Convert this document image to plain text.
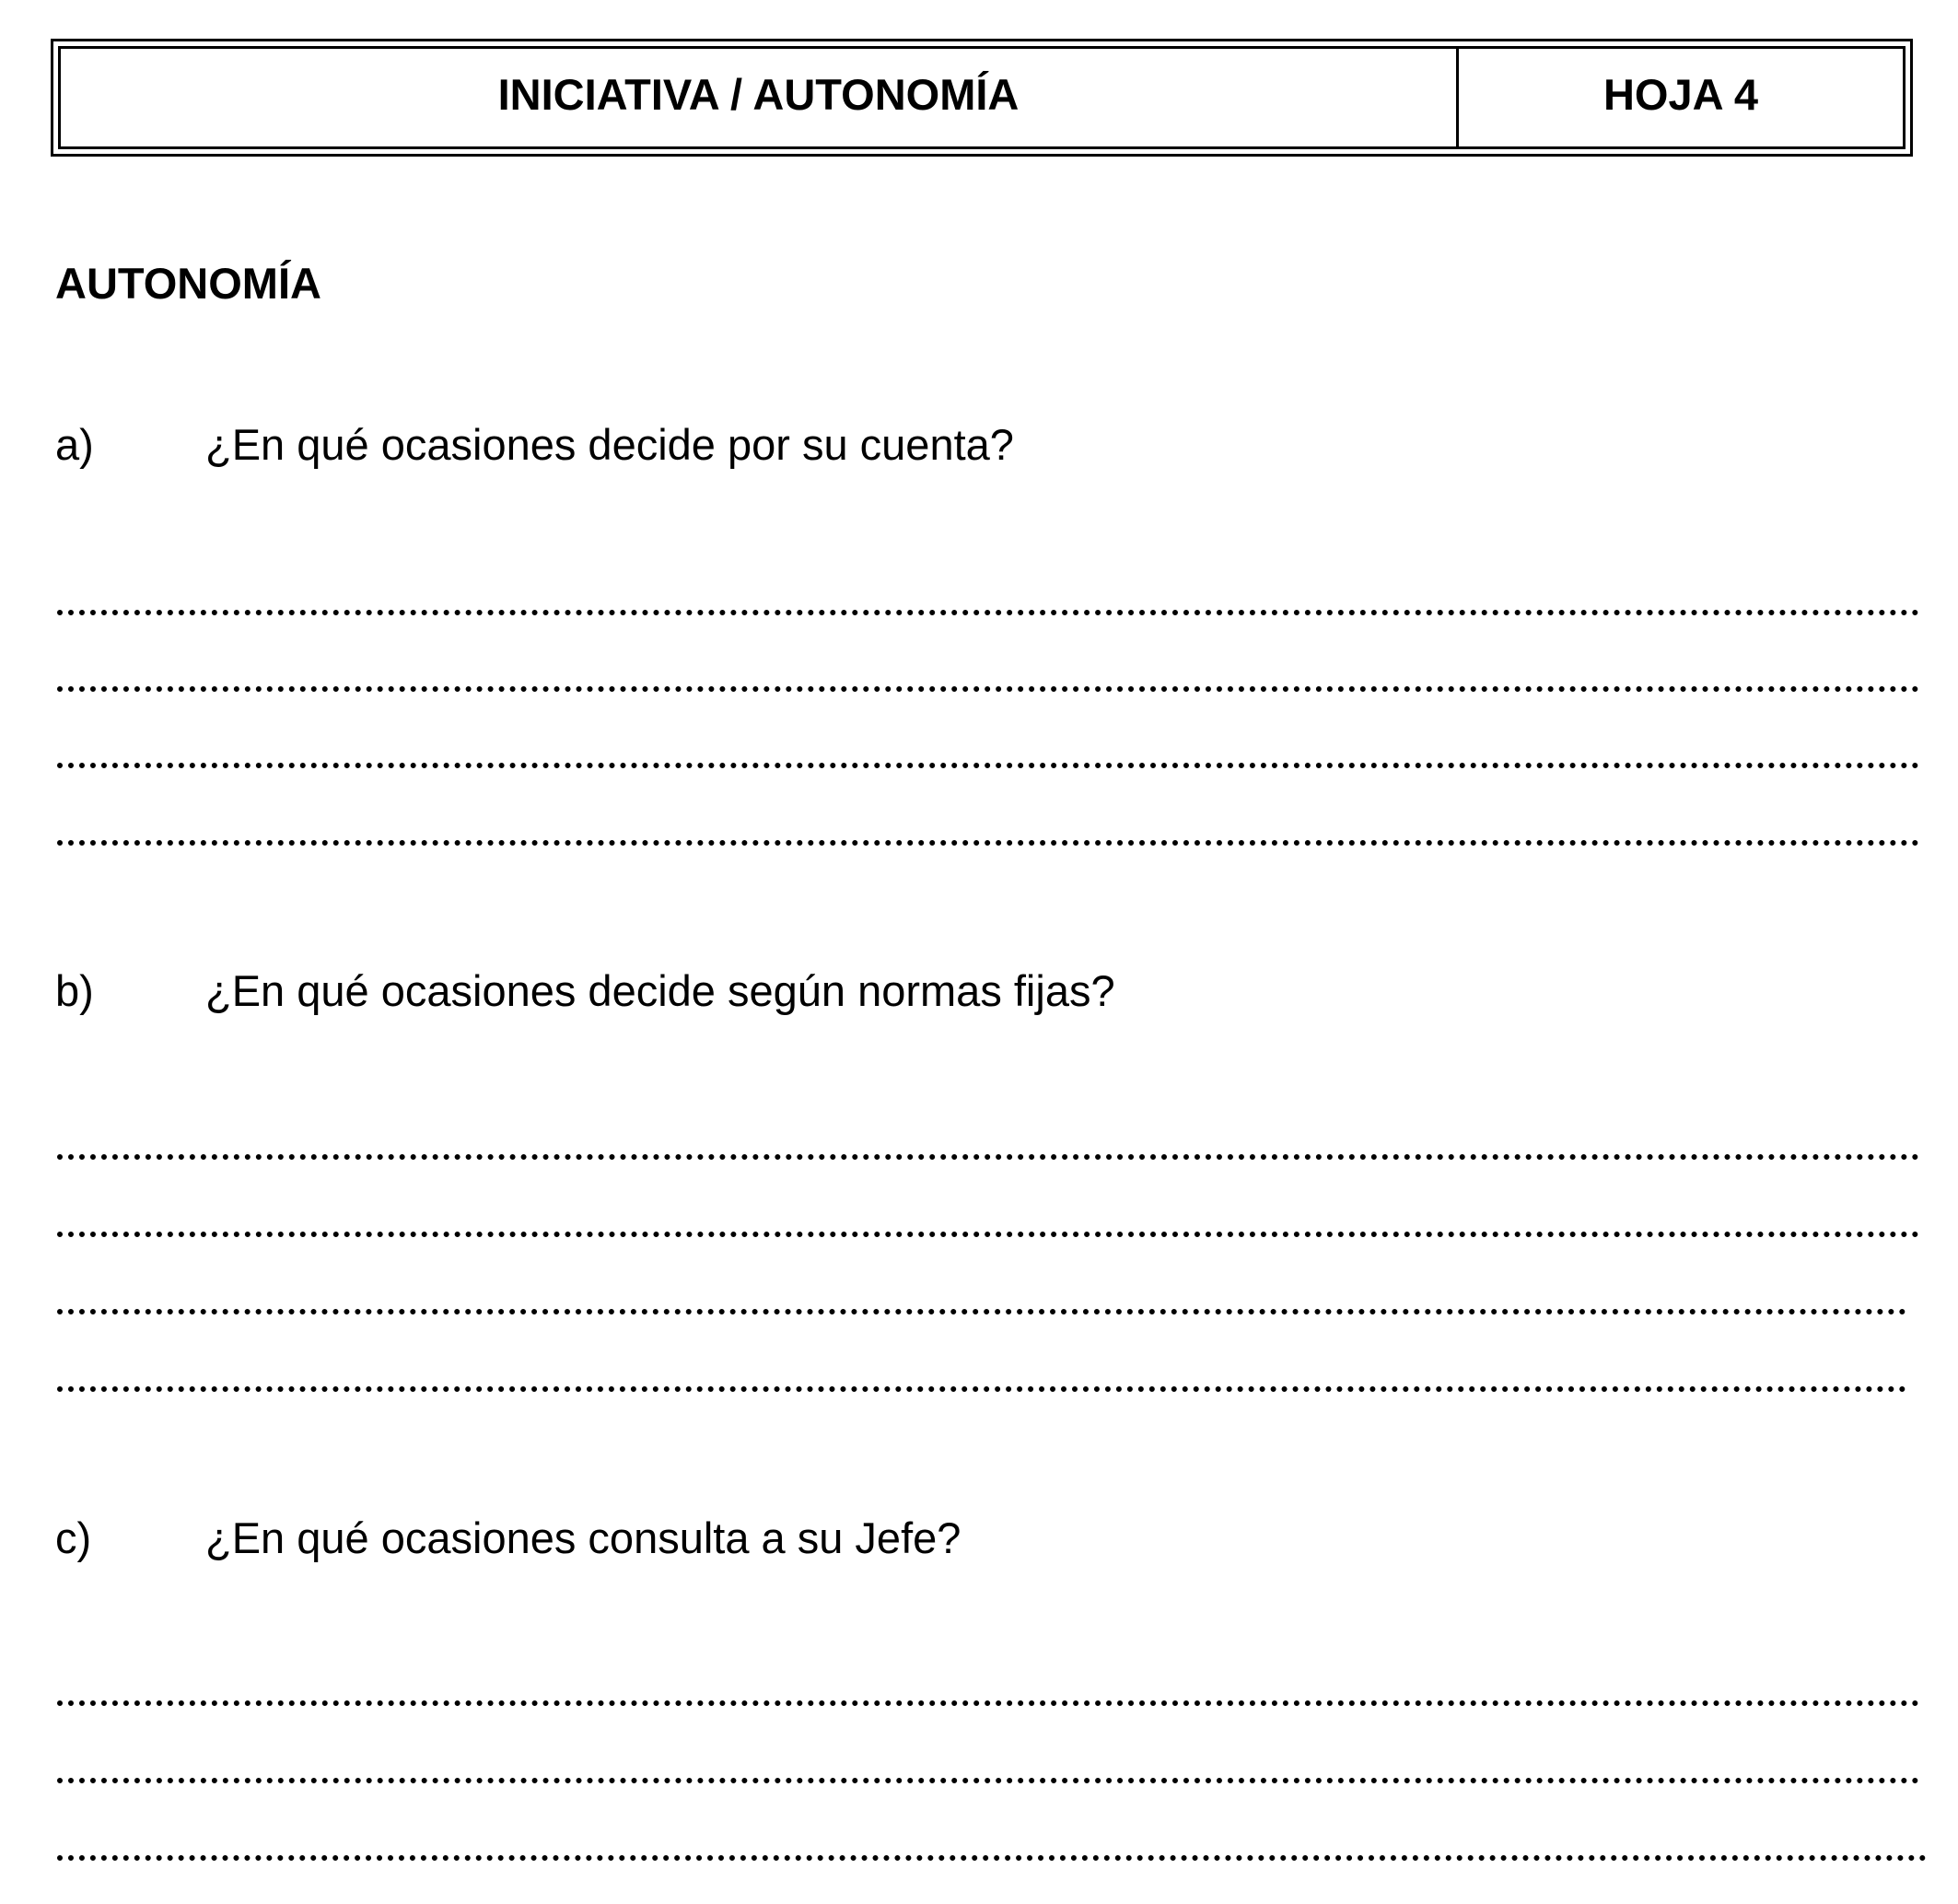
INICIATIVA / AUTONOMÍA	HOJA 4
AUTONOMÍA
a)	¿En qué ocasiones decide por su cuenta?
b)	¿En qué ocasiones decide según normas fijas?
c)	¿En qué ocasiones consulta a su Jefe?
